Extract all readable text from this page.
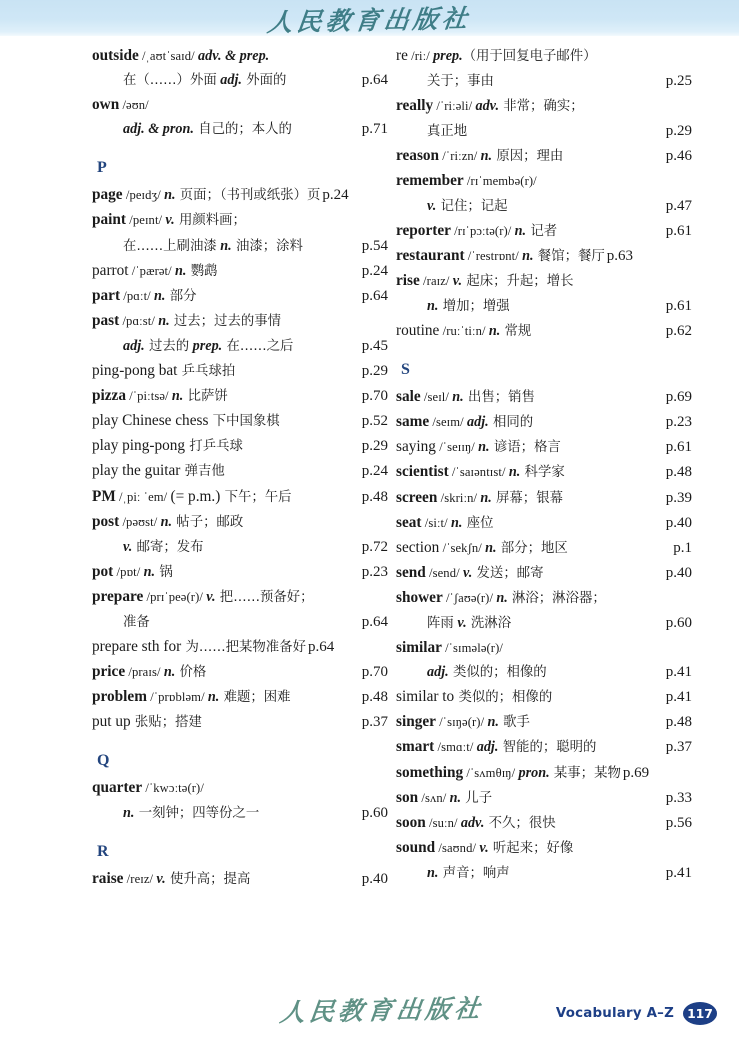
人民教育出版社
outside /ˌaʊtˈsaɪd/ adv. & prep.
在（……）外面 adj. 外面的	p.64
own /əʊn/
adj. & pron. 自己的；本人的	p.71
P
page /peɪdʒ/ n. 页面；（书刊或纸张）页 p.24
paint /peɪnt/ v. 用颜料画；
在……上刷油漆 n. 油漆；涂料	p.54
parrot /ˈpærət/ n. 鹦鹉	p.24
part /pɑːt/ n. 部分	p.64
past /pɑːst/ n. 过去；过去的事情
adj. 过去的 prep. 在……之后	p.45
ping-pong bat 乒乓球拍	p.29
pizza /ˈpiːtsə/ n. 比萨饼	p.70
play Chinese chess 下中国象棋	p.52
play ping-pong 打乒乓球	p.29
play the guitar 弹吉他	p.24
PM /ˌpiː ˈem/ (= p.m.) 下午；午后	p.48
post /pəʊst/ n. 帖子；邮政
v. 邮寄；发布	p.72
pot /pɒt/ n. 锅	p.23
prepare /prɪˈpeə(r)/ v. 把……预备好；
准备	p.64
prepare sth for 为……把某物准备好 p.64
price /praɪs/ n. 价格	p.70
problem /ˈprɒbləm/ n. 难题；困难	p.48
put up 张贴；搭建	p.37
Q
quarter /ˈkwɔːtə(r)/
n. 一刻钟；四等份之一	p.60
R
raise /reɪz/ v. 使升高；提高	p.40
re /riː/ prep.（用于回复电子邮件）
关于；事由	p.25
really /ˈriːəli/ adv. 非常；确实；
真正地	p.29
reason /ˈriːzn/ n. 原因；理由	p.46
remember /rɪˈmembə(r)/
v. 记住；记起	p.47
reporter /rɪˈpɔːtə(r)/ n. 记者	p.61
restaurant /ˈrestrɒnt/ n. 餐馆；餐厅 p.63
rise /raɪz/ v. 起床；升起；增长
n. 增加；增强	p.61
routine /ruːˈtiːn/ n. 常规	p.62
S
sale /seɪl/ n. 出售；销售	p.69
same /seɪm/ adj. 相同的	p.23
saying /ˈseɪɪŋ/ n. 谚语；格言	p.61
scientist /ˈsaɪəntɪst/ n. 科学家	p.48
screen /skriːn/ n. 屏幕；银幕	p.39
seat /siːt/ n. 座位	p.40
section /ˈsekʃn/ n. 部分；地区	p.1
send /send/ v. 发送；邮寄	p.40
shower /ˈʃaʊə(r)/ n. 淋浴；淋浴器；
阵雨 v. 洗淋浴	p.60
similar /ˈsɪmələ(r)/
adj. 类似的；相像的	p.41
similar to 类似的；相像的	p.41
singer /ˈsɪŋə(r)/ n. 歌手	p.48
smart /smɑːt/ adj. 智能的；聪明的	p.37
something /ˈsʌmθɪŋ/ pron. 某事；某物 p.69
son /sʌn/ n. 儿子	p.33
soon /suːn/ adv. 不久；很快	p.56
sound /saʊnd/ v. 听起来；好像
n. 声音；响声	p.41
人民教育出版社	Vocabulary A–Z	117
